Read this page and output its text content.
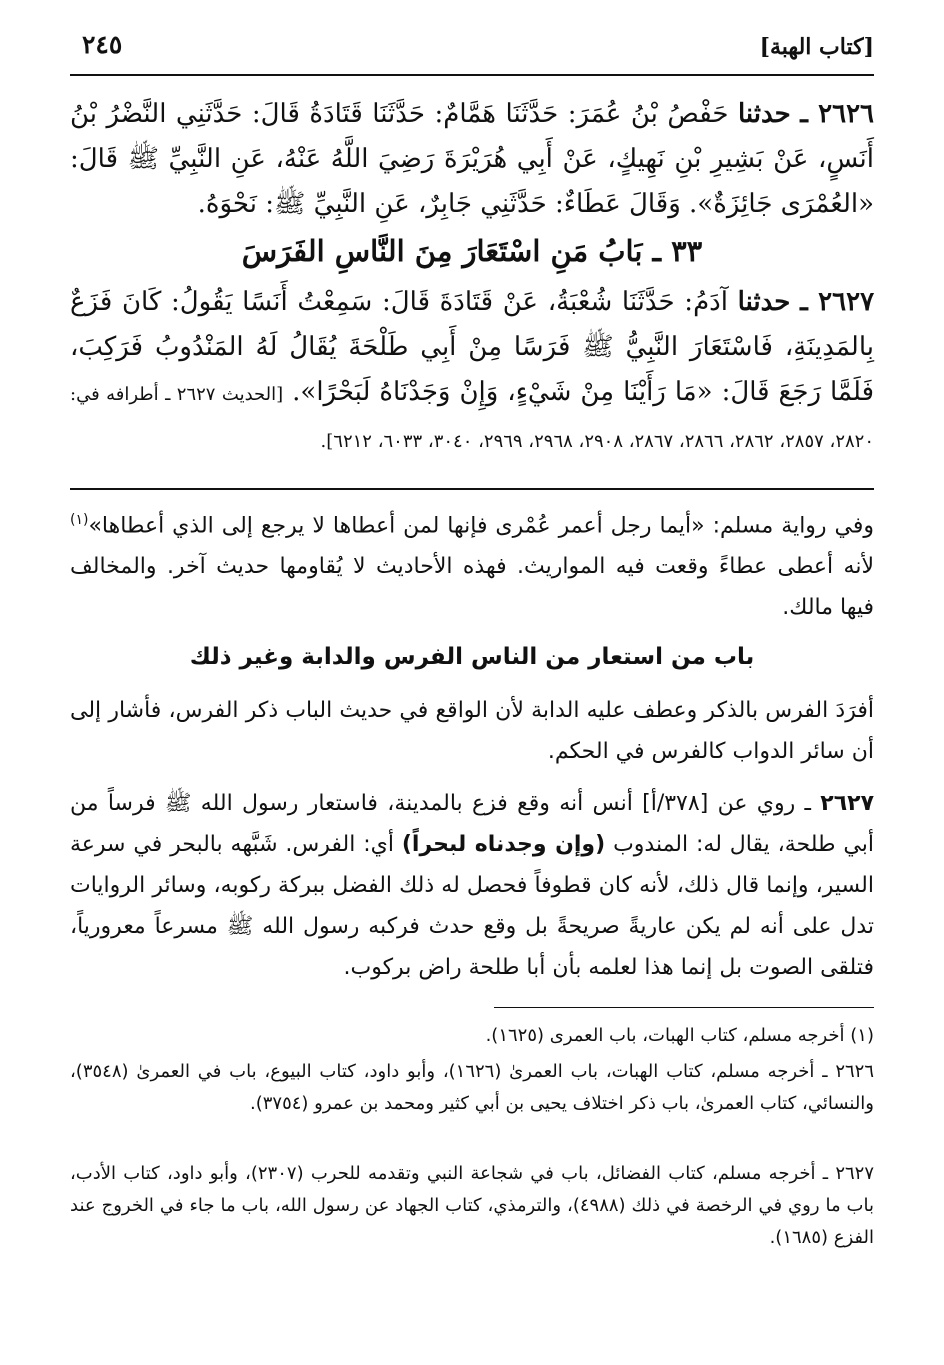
٢٤٥	[كتاب الهبة]
٢٦٢٦ ـ حدثنا حَفْصُ بْنُ عُمَرَ: حَدَّثَنَا هَمَّامٌ: حَدَّثَنَا قَتَادَةُ قَالَ: حَدَّثَنِي النَّضْرُ بْنُ أَنَسٍ، عَنْ بَشِيرِ بْنِ نَهِيكٍ، عَنْ أَبِي هُرَيْرَةَ رَضِيَ اللَّهُ عَنْهُ، عَنِ النَّبِيِّ ﷺ قَالَ: «العُمْرَى جَائِزَةٌ». وَقَالَ عَطَاءٌ: حَدَّثَنِي جَابِرٌ، عَنِ النَّبِيِّ ﷺ: نَحْوَهُ.
٣٣ ـ بَابُ مَنِ اسْتَعَارَ مِنَ النَّاسِ الفَرَسَ
٢٦٢٧ ـ حدثنا آدَمُ: حَدَّثَنَا شُعْبَةُ، عَنْ قَتَادَةَ قَالَ: سَمِعْتُ أَنَسًا يَقُولُ: كَانَ فَزَعٌ بِالمَدِينَةِ، فَاسْتَعَارَ النَّبِيُّ ﷺ فَرَسًا مِنْ أَبِي طَلْحَةَ يُقَالُ لَهُ المَنْدُوبُ فَرَكِبَ، فَلَمَّا رَجَعَ قَالَ: «مَا رَأَيْنَا مِنْ شَيْءٍ، وَإِنْ وَجَدْنَاهُ لَبَحْرًا». [الحديث ٢٦٢٧ ـ أطرافه في: ٢٨٢٠، ٢٨٥٧، ٢٨٦٢، ٢٨٦٦، ٢٨٦٧، ٢٩٠٨، ٢٩٦٨، ٢٩٦٩، ٣٠٤٠، ٦٠٣٣، ٦٢١٢].
وفي رواية مسلم: «أيما رجل أعمر عُمْرى فإنها لمن أعطاها لا يرجع إلى الذي أعطاها»$^{(١)}$ لأنه أعطى عطاءً وقعت فيه المواريث. فهذه الأحاديث لا يُقاومها حديث آخر. والمخالف فيها مالك.
باب من استعار من الناس الفرس والدابة وغير ذلك
أفرَدَ الفرس بالذكر وعطف عليه الدابة لأن الواقع في حديث الباب ذكر الفرس، فأشار إلى أن سائر الدواب كالفرس في الحكم.
٢٦٢٧ ـ روي عن [٣٧٨/أ] أنس أنه وقع فزع بالمدينة، فاستعار رسول الله ﷺ فرساً من أبي طلحة، يقال له: المندوب (وإن وجدناه لبحراً) أي: الفرس. شَبَّهه بالبحر في سرعة السير، وإنما قال ذلك، لأنه كان قطوفاً فحصل له ذلك الفضل ببركة ركوبه، وسائر الروايات تدل على أنه لم يكن عاريةً صريحةً بل وقع حدث فركبه رسول الله ﷺ مسرعاً معرورياً، فتلقى الصوت بل إنما هذا لعلمه بأن أبا طلحة راض بركوب.
(١) أخرجه مسلم، كتاب الهبات، باب العمرى (١٦٢٥).
٢٦٢٦ ـ أخرجه مسلم، كتاب الهبات، باب العمرىٰ (١٦٢٦)، وأبو داود، كتاب البيوع، باب في العمرىٰ (٣٥٤٨)، والنسائي، كتاب العمرىٰ، باب ذكر اختلاف يحيى بن أبي كثير ومحمد بن عمرو (٣٧٥٤).
٢٦٢٧ ـ أخرجه مسلم، كتاب الفضائل، باب في شجاعة النبي وتقدمه للحرب (٢٣٠٧)، وأبو داود، كتاب الأدب، باب ما روي في الرخصة في ذلك (٤٩٨٨)، والترمذي، كتاب الجهاد عن رسول الله، باب ما جاء في الخروج عند الفزع (١٦٨٥).
